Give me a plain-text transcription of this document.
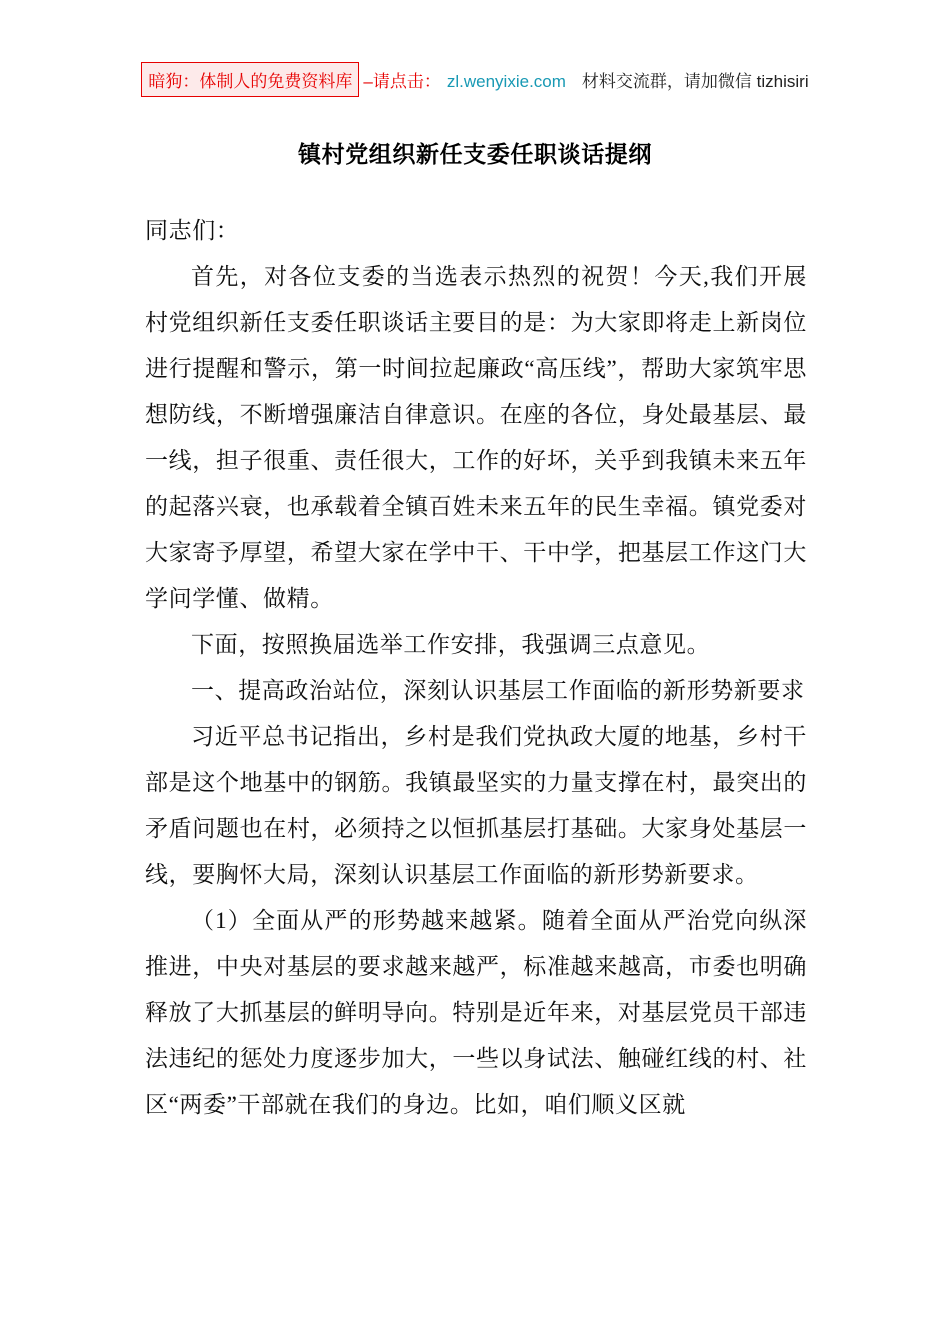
暗狗：体制人的免费资料库 –请点击： zl.wenyixie.com 材料交流群，请加微信 tizhisiri
镇村党组织新任支委任职谈话提纲

同志们：

首先，对各位支委的当选表示热烈的祝贺！今天,我们开展村党组织新任支委任职谈话主要目的是：为大家即将走上新岗位进行提醒和警示，第一时间拉起廉政“高压线”，帮助大家筑牢思想防线，不断增强廉洁自律意识。在座的各位，身处最基层、最一线，担子很重、责任很大，工作的好坏，关乎到我镇未来五年的起落兴衰，也承载着全镇百姓未来五年的民生幸福。镇党委对大家寄予厚望，希望大家在学中干、干中学，把基层工作这门大学问学懂、做精。

下面，按照换届选举工作安排，我强调三点意见。

一、提高政治站位，深刻认识基层工作面临的新形势新要求

习近平总书记指出，乡村是我们党执政大厦的地基，乡村干部是这个地基中的钢筋。我镇最坚实的力量支撑在村，最突出的矛盾问题也在村，必须持之以恒抓基层打基础。大家身处基层一线，要胸怀大局，深刻认识基层工作面临的新形势新要求。

（1）全面从严的形势越来越紧。随着全面从严治党向纵深推进，中央对基层的要求越来越严，标准越来越高，市委也明确释放了大抓基层的鲜明导向。特别是近年来，对基层党员干部违法违纪的惩处力度逐步加大，一些以身试法、触碰红线的村、社区“两委”干部就在我们的身边。比如，咱们顺义区就
